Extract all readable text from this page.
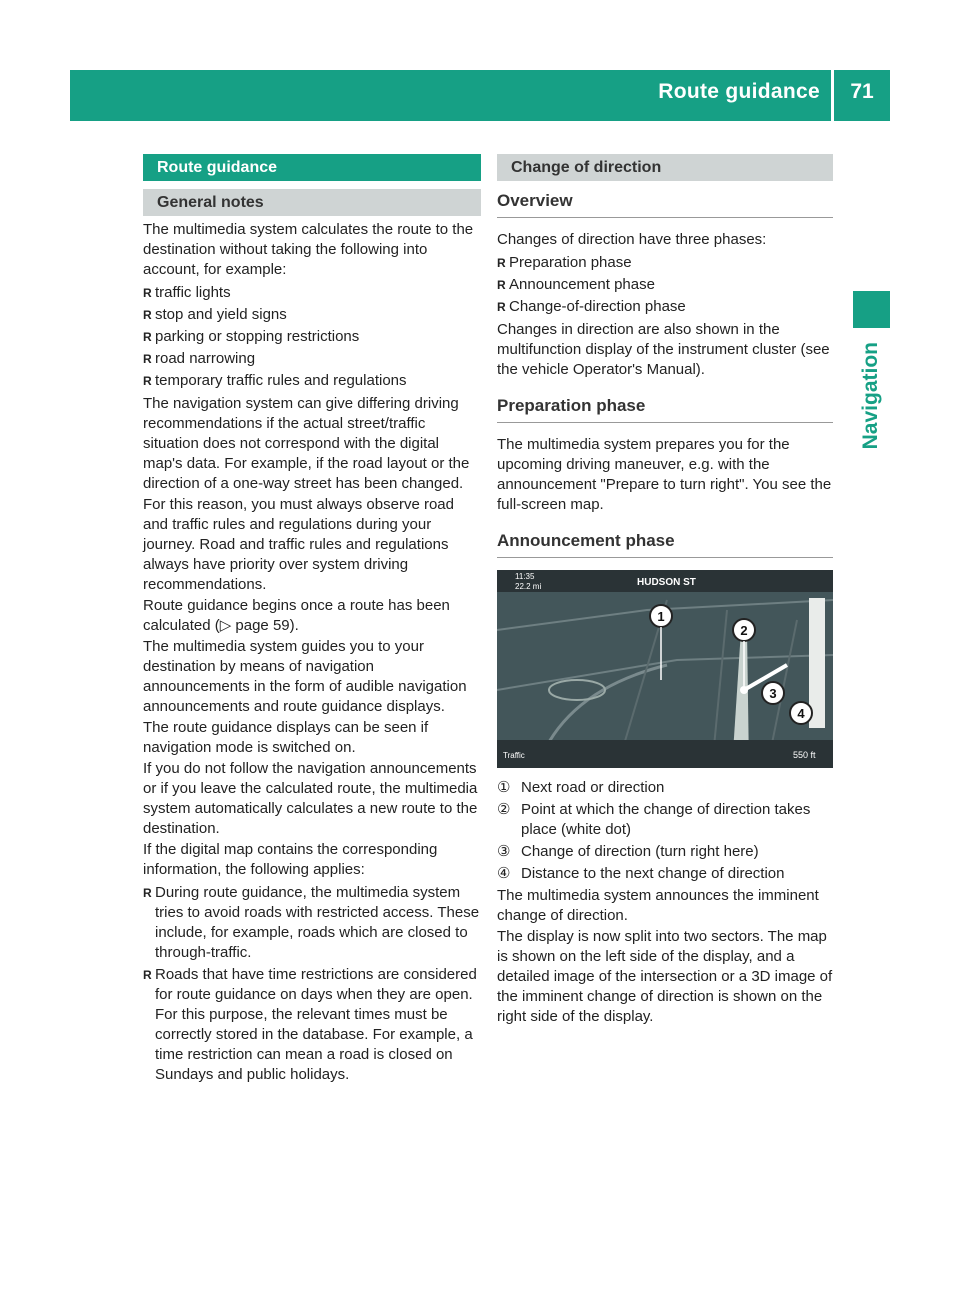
Route guidance	71
Navigation
Route guidance
General notes

The multimedia system calculates the route to the destination without taking the following into account, for example:

R traffic lights
R stop and yield signs
R parking or stopping restrictions
R road narrowing
R temporary traffic rules and regulations

The navigation system can give differing driving recommendations if the actual street/traffic situation does not correspond with the digital map's data. For example, if the road layout or the direction of a one-way street has been changed.

For this reason, you must always observe road and traffic rules and regulations during your journey. Road and traffic rules and regulations always have priority over system driving recommendations.

Route guidance begins once a route has been calculated (▷ page 59).

The multimedia system guides you to your destination by means of navigation announcements in the form of audible navigation announcements and route guidance displays.

The route guidance displays can be seen if navigation mode is switched on.

If you do not follow the navigation announcements or if you leave the calculated route, the multimedia system automatically calculates a new route to the destination.

If the digital map contains the corresponding information, the following applies:

R During route guidance, the multimedia system tries to avoid roads with restricted access. These include, for example, roads which are closed to through-traffic.
R Roads that have time restrictions are considered for route guidance on days when they are open. For this purpose, the relevant times must be correctly stored in the database. For example, a time restriction can mean a road is closed on Sundays and public holidays.
Change of direction
Overview

Changes of direction have three phases:

R Preparation phase
R Announcement phase
R Change-of-direction phase

Changes in direction are also shown in the multifunction display of the instrument cluster (see the vehicle Operator's Manual).

Preparation phase

The multimedia system prepares you for the upcoming driving maneuver, e.g. with the announcement "Prepare to turn right". You see the full-screen map.

Announcement phase
1
2
3
4
11:35
22.2 mi	HUDSON ST
Traffic	550 ft
① Next road or direction
② Point at which the change of direction takes place (white dot)
③ Change of direction (turn right here)
④ Distance to the next change of direction

The multimedia system announces the imminent change of direction.

The display is now split into two sectors. The map is shown on the left side of the display, and a detailed image of the intersection or a 3D image of the imminent change of direction is shown on the right side of the display.
